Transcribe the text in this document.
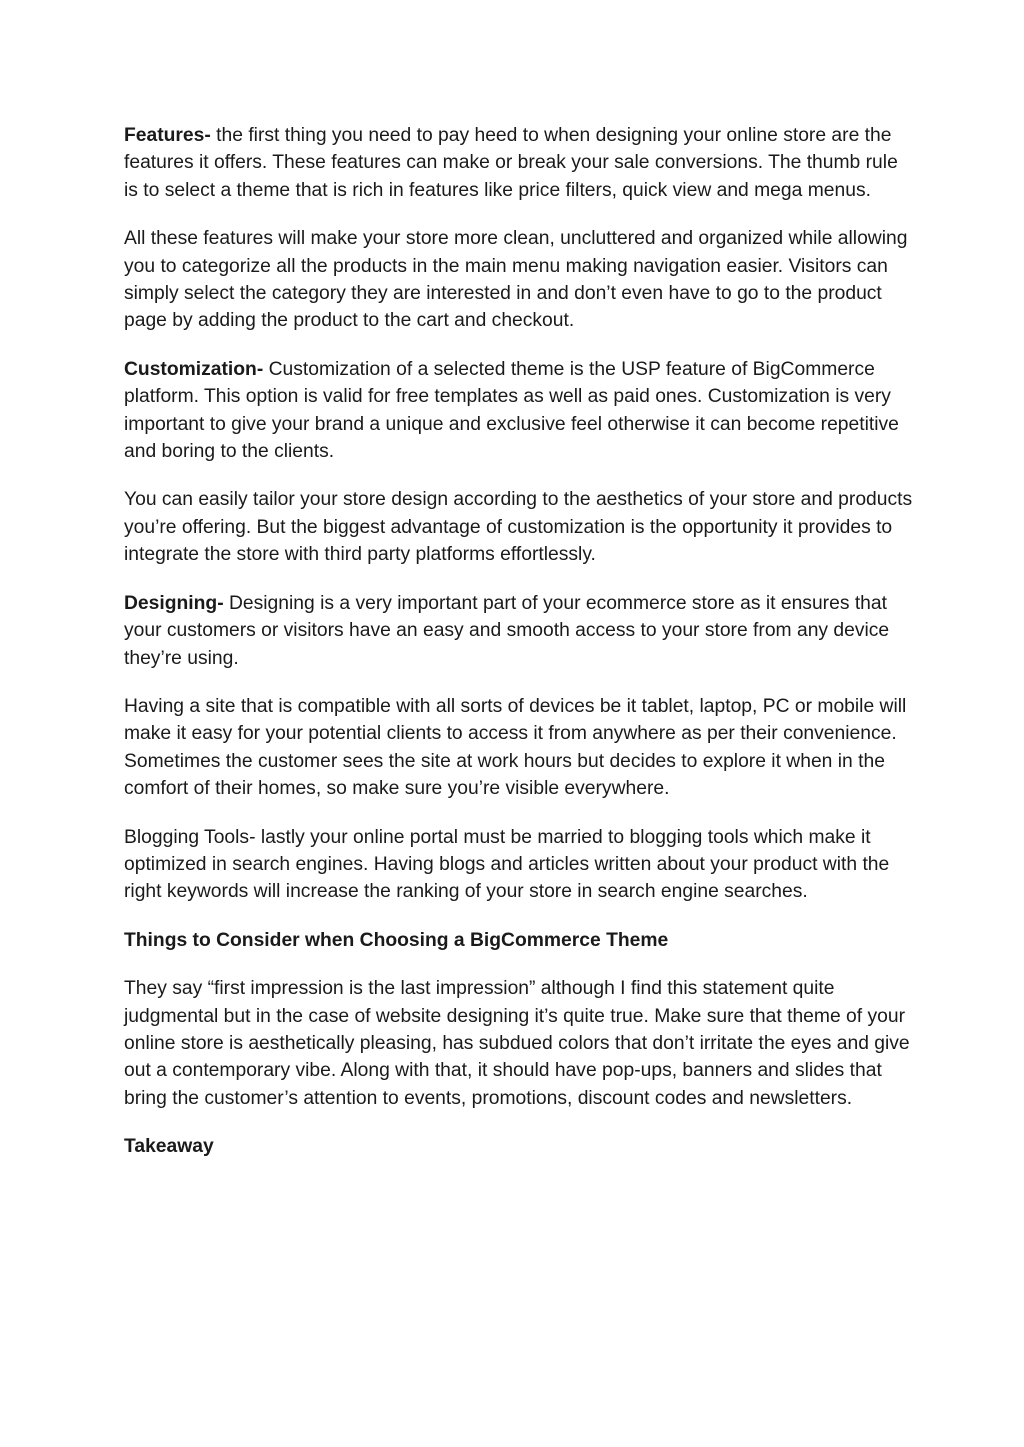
Features- the first thing you need to pay heed to when designing your online store are the features it offers. These features can make or break your sale conversions. The thumb rule is to select a theme that is rich in features like price filters, quick view and mega menus.

All these features will make your store more clean, uncluttered and organized while allowing you to categorize all the products in the main menu making navigation easier. Visitors can simply select the category they are interested in and don’t even have to go to the product page by adding the product to the cart and checkout.

Customization- Customization of a selected theme is the USP feature of BigCommerce platform. This option is valid for free templates as well as paid ones. Customization is very important to give your brand a unique and exclusive feel otherwise it can become repetitive and boring to the clients.

You can easily tailor your store design according to the aesthetics of your store and products you’re offering. But the biggest advantage of customization is the opportunity it provides to integrate the store with third party platforms effortlessly.

Designing- Designing is a very important part of your ecommerce store as it ensures that your customers or visitors have an easy and smooth access to your store from any device they’re using.

Having a site that is compatible with all sorts of devices be it tablet, laptop, PC or mobile will make it easy for your potential clients to access it from anywhere as per their convenience. Sometimes the customer sees the site at work hours but decides to explore it when in the comfort of their homes, so make sure you’re visible everywhere.

Blogging Tools- lastly your online portal must be married to blogging tools which make it optimized in search engines. Having blogs and articles written about your product with the right keywords will increase the ranking of your store in search engine searches.

Things to Consider when Choosing a BigCommerce Theme

They say “first impression is the last impression” although I find this statement quite judgmental but in the case of website designing it’s quite true. Make sure that theme of your online store is aesthetically pleasing, has subdued colors that don’t irritate the eyes and give out a contemporary vibe. Along with that, it should have pop-ups, banners and slides that bring the customer’s attention to events, promotions, discount codes and newsletters.

Takeaway
